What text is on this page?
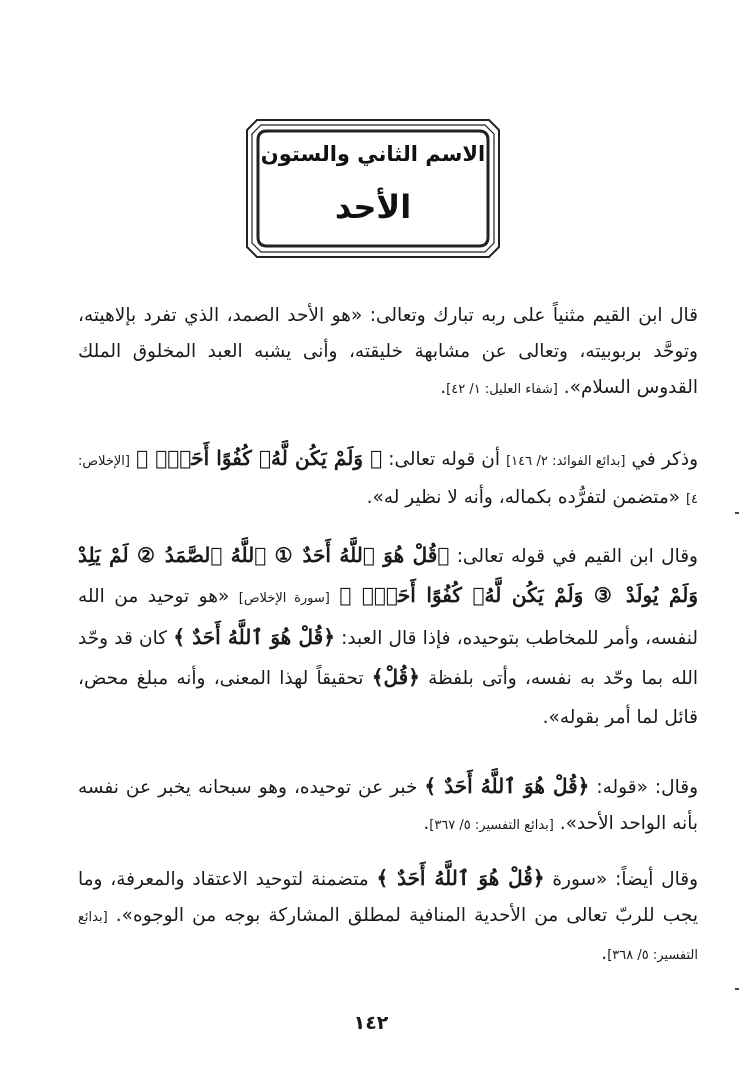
الاسم الثاني والستون
الأحد
قال ابن القيم مثنياً على ربه تبارك وتعالى: «هو الأحد الصمد، الذي تفرد بإلاهيته، وتوحَّد بربوبيته، وتعالى عن مشابهة خليقته، وأنى يشبه العبد المخلوق الملك القدوس السلام». [شفاء العليل: ١/ ٤٢].
وذكر في [بدائع الفوائد: ٢/ ١٤٦] أن قوله تعالى: ﴿ وَلَمْ يَكُن لَّهُۥ كُفُوًا أَحَدٌۢ ﴾ [الإخلاص: ٤] «متضمن لتفرُّده بكماله، وأنه لا نظير له».
وقال ابن القيم في قوله تعالى: ﴿قُلْ هُوَ ٱللَّهُ أَحَدٌ ① ٱللَّهُ ٱلصَّمَدُ ② لَمْ يَلِدْ وَلَمْ يُولَدْ ③ وَلَمْ يَكُن لَّهُۥ كُفُوًا أَحَدٌۢ ﴾ [سورة الإخلاص] «هو توحيد من الله لنفسه، وأمر للمخاطب بتوحيده، فإذا قال العبد: ﴿قُلْ هُوَ ٱللَّهُ أَحَدٌ ﴾ كان قد وحّد الله بما وحّد به نفسه، وأتى بلفظة ﴿قُلْ﴾ تحقيقاً لهذا المعنى، وأنه مبلغ محض، قائل لما أمر بقوله».
وقال: «قوله: ﴿قُلْ هُوَ ٱللَّهُ أَحَدٌ ﴾ خبر عن توحيده، وهو سبحانه يخبر عن نفسه بأنه الواحد الأحد». [بدائع التفسير: ٥/ ٣٦٧].
وقال أيضاً: «سورة ﴿قُلْ هُوَ ٱللَّهُ أَحَدٌ ﴾ متضمنة لتوحيد الاعتقاد والمعرفة، وما يجب للربّ تعالى من الأحدية المنافية لمطلق المشاركة بوجه من الوجوه». [بدائع التفسير: ٥/ ٣٦٨].
١٤٢
